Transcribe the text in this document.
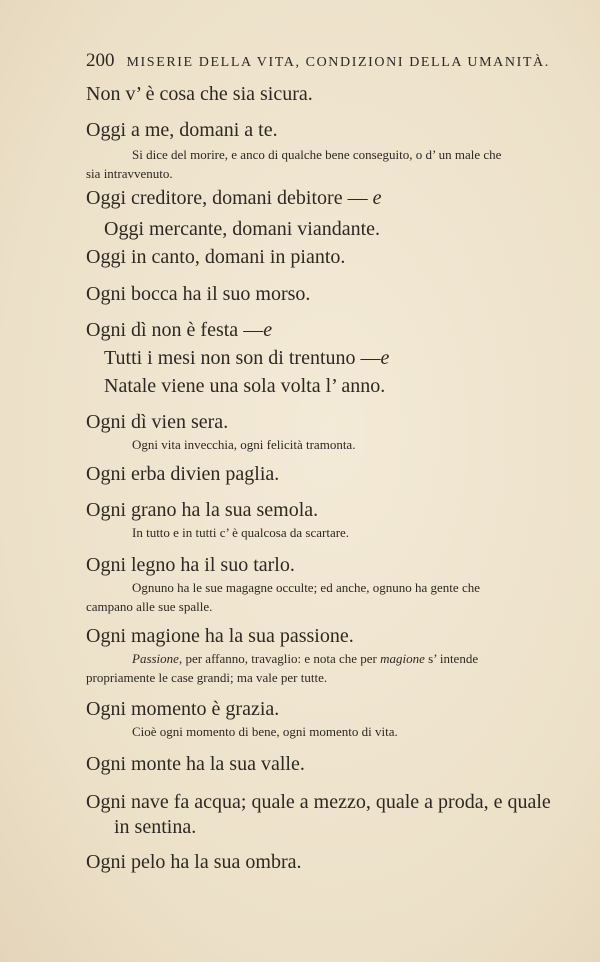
200 MISERIE DELLA VITA, CONDIZIONI DELLA UMANITÀ.
Non v’ è cosa che sia sicura.
Oggi a me, domani a te.
Si dice del morire, e anco di qualche bene conseguito, o d’ un male che
sia intravvenuto.
Oggi creditore, domani debitore — e
Oggi mercante, domani viandante.
Oggi in canto, domani in pianto.
Ogni bocca ha il suo morso.
Ogni dì non è festa —e
Tutti i mesi non son di trentuno —e
Natale viene una sola volta l’ anno.
Ogni dì vien sera.
Ogni vita invecchia, ogni felicità tramonta.
Ogni erba divien paglia.
Ogni grano ha la sua semola.
In tutto e in tutti c’ è qualcosa da scartare.
Ogni legno ha il suo tarlo.
Ognuno ha le sue magagne occulte; ed anche, ognuno ha gente che
campano alle sue spalle.
Ogni magione ha la sua passione.
Passione, per affanno, travaglio: e nota che per magione s’ intende
propriamente le case grandi; ma vale per tutte.
Ogni momento è grazia.
Cioè ogni momento di bene, ogni momento di vita.
Ogni monte ha la sua valle.
Ogni nave fa acqua; quale a mezzo, quale a proda, e quale
in sentina.
Ogni pelo ha la sua ombra.
